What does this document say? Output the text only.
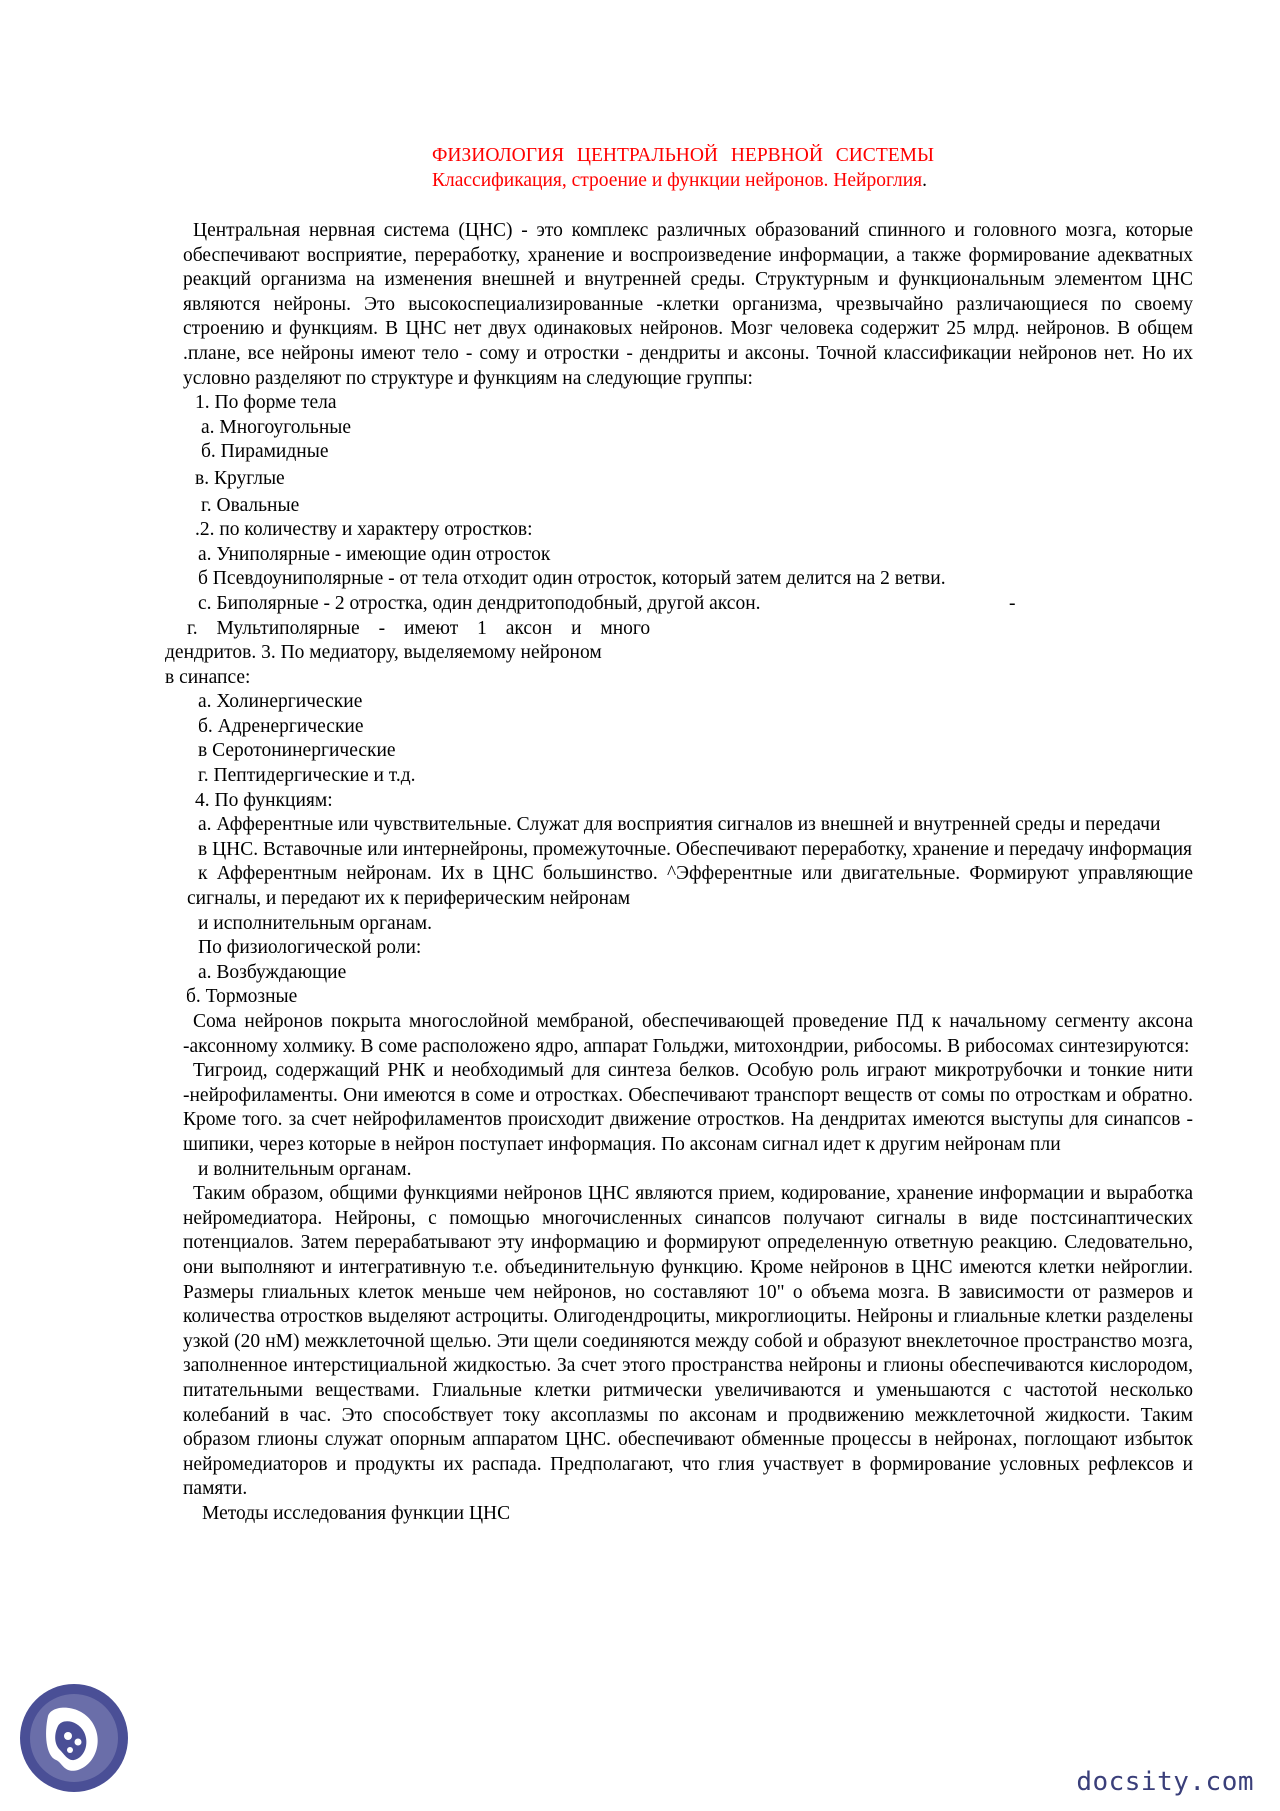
ФИЗИОЛОГИЯ ЦЕНТРАЛЬНОЙ НЕРВНОЙ СИСТЕМЫ Классификация, строение и функции нейронов. Нейроглия.

Центральная нервная система (ЦНС) - это комплекс различных образований спинного и головного мозга, которые обеспечивают восприятие, переработку, хранение и воспроизведение информации, а также формирование адекватных реакций организма на изменения внешней и внутренней среды. Структурным и функциональным элементом ЦНС являются нейроны. Это высокоспециализированные -клетки организма, чрезвычайно различающиеся по своему строению и функциям. В ЦНС нет двух одинаковых нейронов. Мозг человека содержит 25 млрд. нейронов. В общем .плане, все нейроны имеют тело - сому и отростки - дендриты и аксоны. Точной классификации нейронов нет. Но их условно разделяют по структуре и функциям на следующие группы:

1. По форме тела

а. Многоугольные

б. Пирамидные

в. Круглые

г. Овальные

.2. по количеству и характеру отростков:

а. Униполярные - имеющие один отросток

б Псевдоуниполярные - от тела отходит один отросток, который затем делится на 2 ветви.

с. Биполярные - 2 отростка, один дендритоподобный, другой аксон.	-

г. Мультиполярные - имеют 1 аксон и много

дендритов. 3. По медиатору, выделяемому нейроном

в синапсе:

а. Холинергические

б. Адренергические

в Серотонинергические

г. Пептидергические и т.д.

4. По функциям:

а. Афферентные или чувствительные. Служат для восприятия сигналов из внешней и внутренней среды и передачи

в ЦНС. Вставочные или интернейроны, промежуточные. Обеспечивают переработку, хранение и передачу информация

к Афферентным нейронам. Их в ЦНС большинство. ^Эфферентные или двигательные. Формируют управляющие сигналы, и передают их к периферическим нейронам

и исполнительным органам.

По физиологической роли:

а. Возбуждающие

б. Тормозные

Сома нейронов покрыта многослойной мембраной, обеспечивающей проведение ПД к начальному сегменту аксона -аксонному холмику. В соме расположено ядро, аппарат Гольджи, митохондрии, рибосомы. В рибосомах синтезируются:

Тигроид, содержащий РНК и необходимый для синтеза белков. Особую роль играют микротрубочки и тонкие нити -нейрофиламенты. Они имеются в соме и отростках. Обеспечивают транспорт веществ от сомы по отросткам и обратно. Кроме того. за счет нейрофиламентов происходит движение отростков. На дендритах имеются выступы для синапсов - шипики, через которые в нейрон поступает информация. По аксонам сигнал идет к другим нейронам пли

и волнительным органам.

Таким образом, общими функциями нейронов ЦНС являются прием, кодирование, хранение информации и выработка нейромедиатора. Нейроны, с помощью многочисленных синапсов получают сигналы в виде постсинаптических потенциалов. Затем перерабатывают эту информацию и формируют определенную ответную реакцию. Следовательно, они выполняют и интегративную т.е. объединительную функцию. Кроме нейронов в ЦНС имеются клетки нейроглии. Размеры глиальных клеток меньше чем нейронов, но составляют 10" о объема мозга. В зависимости от размеров и количества отростков выделяют астроциты. Олигодендроциты, микроглиоциты. Нейроны и глиальные клетки разделены узкой (20 нМ) межклеточной щелью. Эти щели соединяются между собой и образуют внеклеточное пространство мозга, заполненное интерстициальной жидкостью. За счет этого пространства нейроны и глионы обеспечиваются кислородом, питательными веществами. Глиальные клетки ритмически увеличиваются и уменьшаются с частотой несколько колебаний в час. Это способствует току аксоплазмы по аксонам и продвижению межклеточной жидкости. Таким образом глионы служат опорным аппаратом ЦНС. обеспечивают обменные процессы в нейронах, поглощают избыток нейромедиаторов и продукты их распада. Предполагают, что глия участвует в формирование условных рефлексов и памяти.

Методы исследования функции ЦНС

docsity.com
